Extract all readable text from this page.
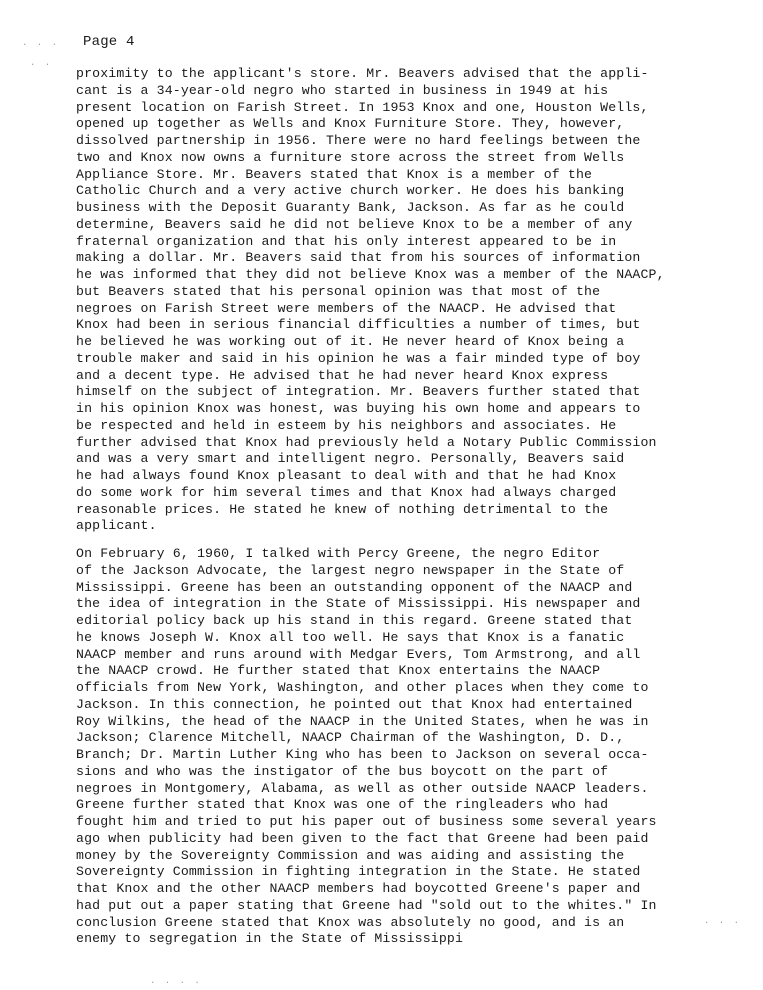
Page 4
· · ·
· ·
· · · ·
· · ·
proximity to the applicant's store. Mr. Beavers advised that the appli-
cant is a 34-year-old negro who started in business in 1949 at his
present location on Farish Street. In 1953 Knox and one, Houston Wells,
opened up together as Wells and Knox Furniture Store. They, however,
dissolved partnership in 1956. There were no hard feelings between the
two and Knox now owns a furniture store across the street from Wells
Appliance Store. Mr. Beavers stated that Knox is a member of the
Catholic Church and a very active church worker. He does his banking
business with the Deposit Guaranty Bank, Jackson. As far as he could
determine, Beavers said he did not believe Knox to be a member of any
fraternal organization and that his only interest appeared to be in
making a dollar. Mr. Beavers said that from his sources of information
he was informed that they did not believe Knox was a member of the NAACP,
but Beavers stated that his personal opinion was that most of the
negroes on Farish Street were members of the NAACP. He advised that
Knox had been in serious financial difficulties a number of times, but
he believed he was working out of it. He never heard of Knox being a
trouble maker and said in his opinion he was a fair minded type of boy
and a decent type. He advised that he had never heard Knox express
himself on the subject of integration. Mr. Beavers further stated that
in his opinion Knox was honest, was buying his own home and appears to
be respected and held in esteem by his neighbors and associates. He
further advised that Knox had previously held a Notary Public Commission
and was a very smart and intelligent negro. Personally, Beavers said
he had always found Knox pleasant to deal with and that he had Knox
do some work for him several times and that Knox had always charged
reasonable prices. He stated he knew of nothing detrimental to the
applicant.
On February 6, 1960, I talked with Percy Greene, the negro Editor
of the Jackson Advocate, the largest negro newspaper in the State of
Mississippi. Greene has been an outstanding opponent of the NAACP and
the idea of integration in the State of Mississippi. His newspaper and
editorial policy back up his stand in this regard. Greene stated that
he knows Joseph W. Knox all too well. He says that Knox is a fanatic
NAACP member and runs around with Medgar Evers, Tom Armstrong, and all
the NAACP crowd. He further stated that Knox entertains the NAACP
officials from New York, Washington, and other places when they come to
Jackson. In this connection, he pointed out that Knox had entertained
Roy Wilkins, the head of the NAACP in the United States, when he was in
Jackson; Clarence Mitchell, NAACP Chairman of the Washington, D. D.,
Branch; Dr. Martin Luther King who has been to Jackson on several occa-
sions and who was the instigator of the bus boycott on the part of
negroes in Montgomery, Alabama, as well as other outside NAACP leaders.
Greene further stated that Knox was one of the ringleaders who had
fought him and tried to put his paper out of business some several years
ago when publicity had been given to the fact that Greene had been paid
money by the Sovereignty Commission and was aiding and assisting the
Sovereignty Commission in fighting integration in the State. He stated
that Knox and the other NAACP members had boycotted Greene's paper and
had put out a paper stating that Greene had "sold out to the whites." In
conclusion Greene stated that Knox was absolutely no good, and is an
enemy to segregation in the State of Mississippi
